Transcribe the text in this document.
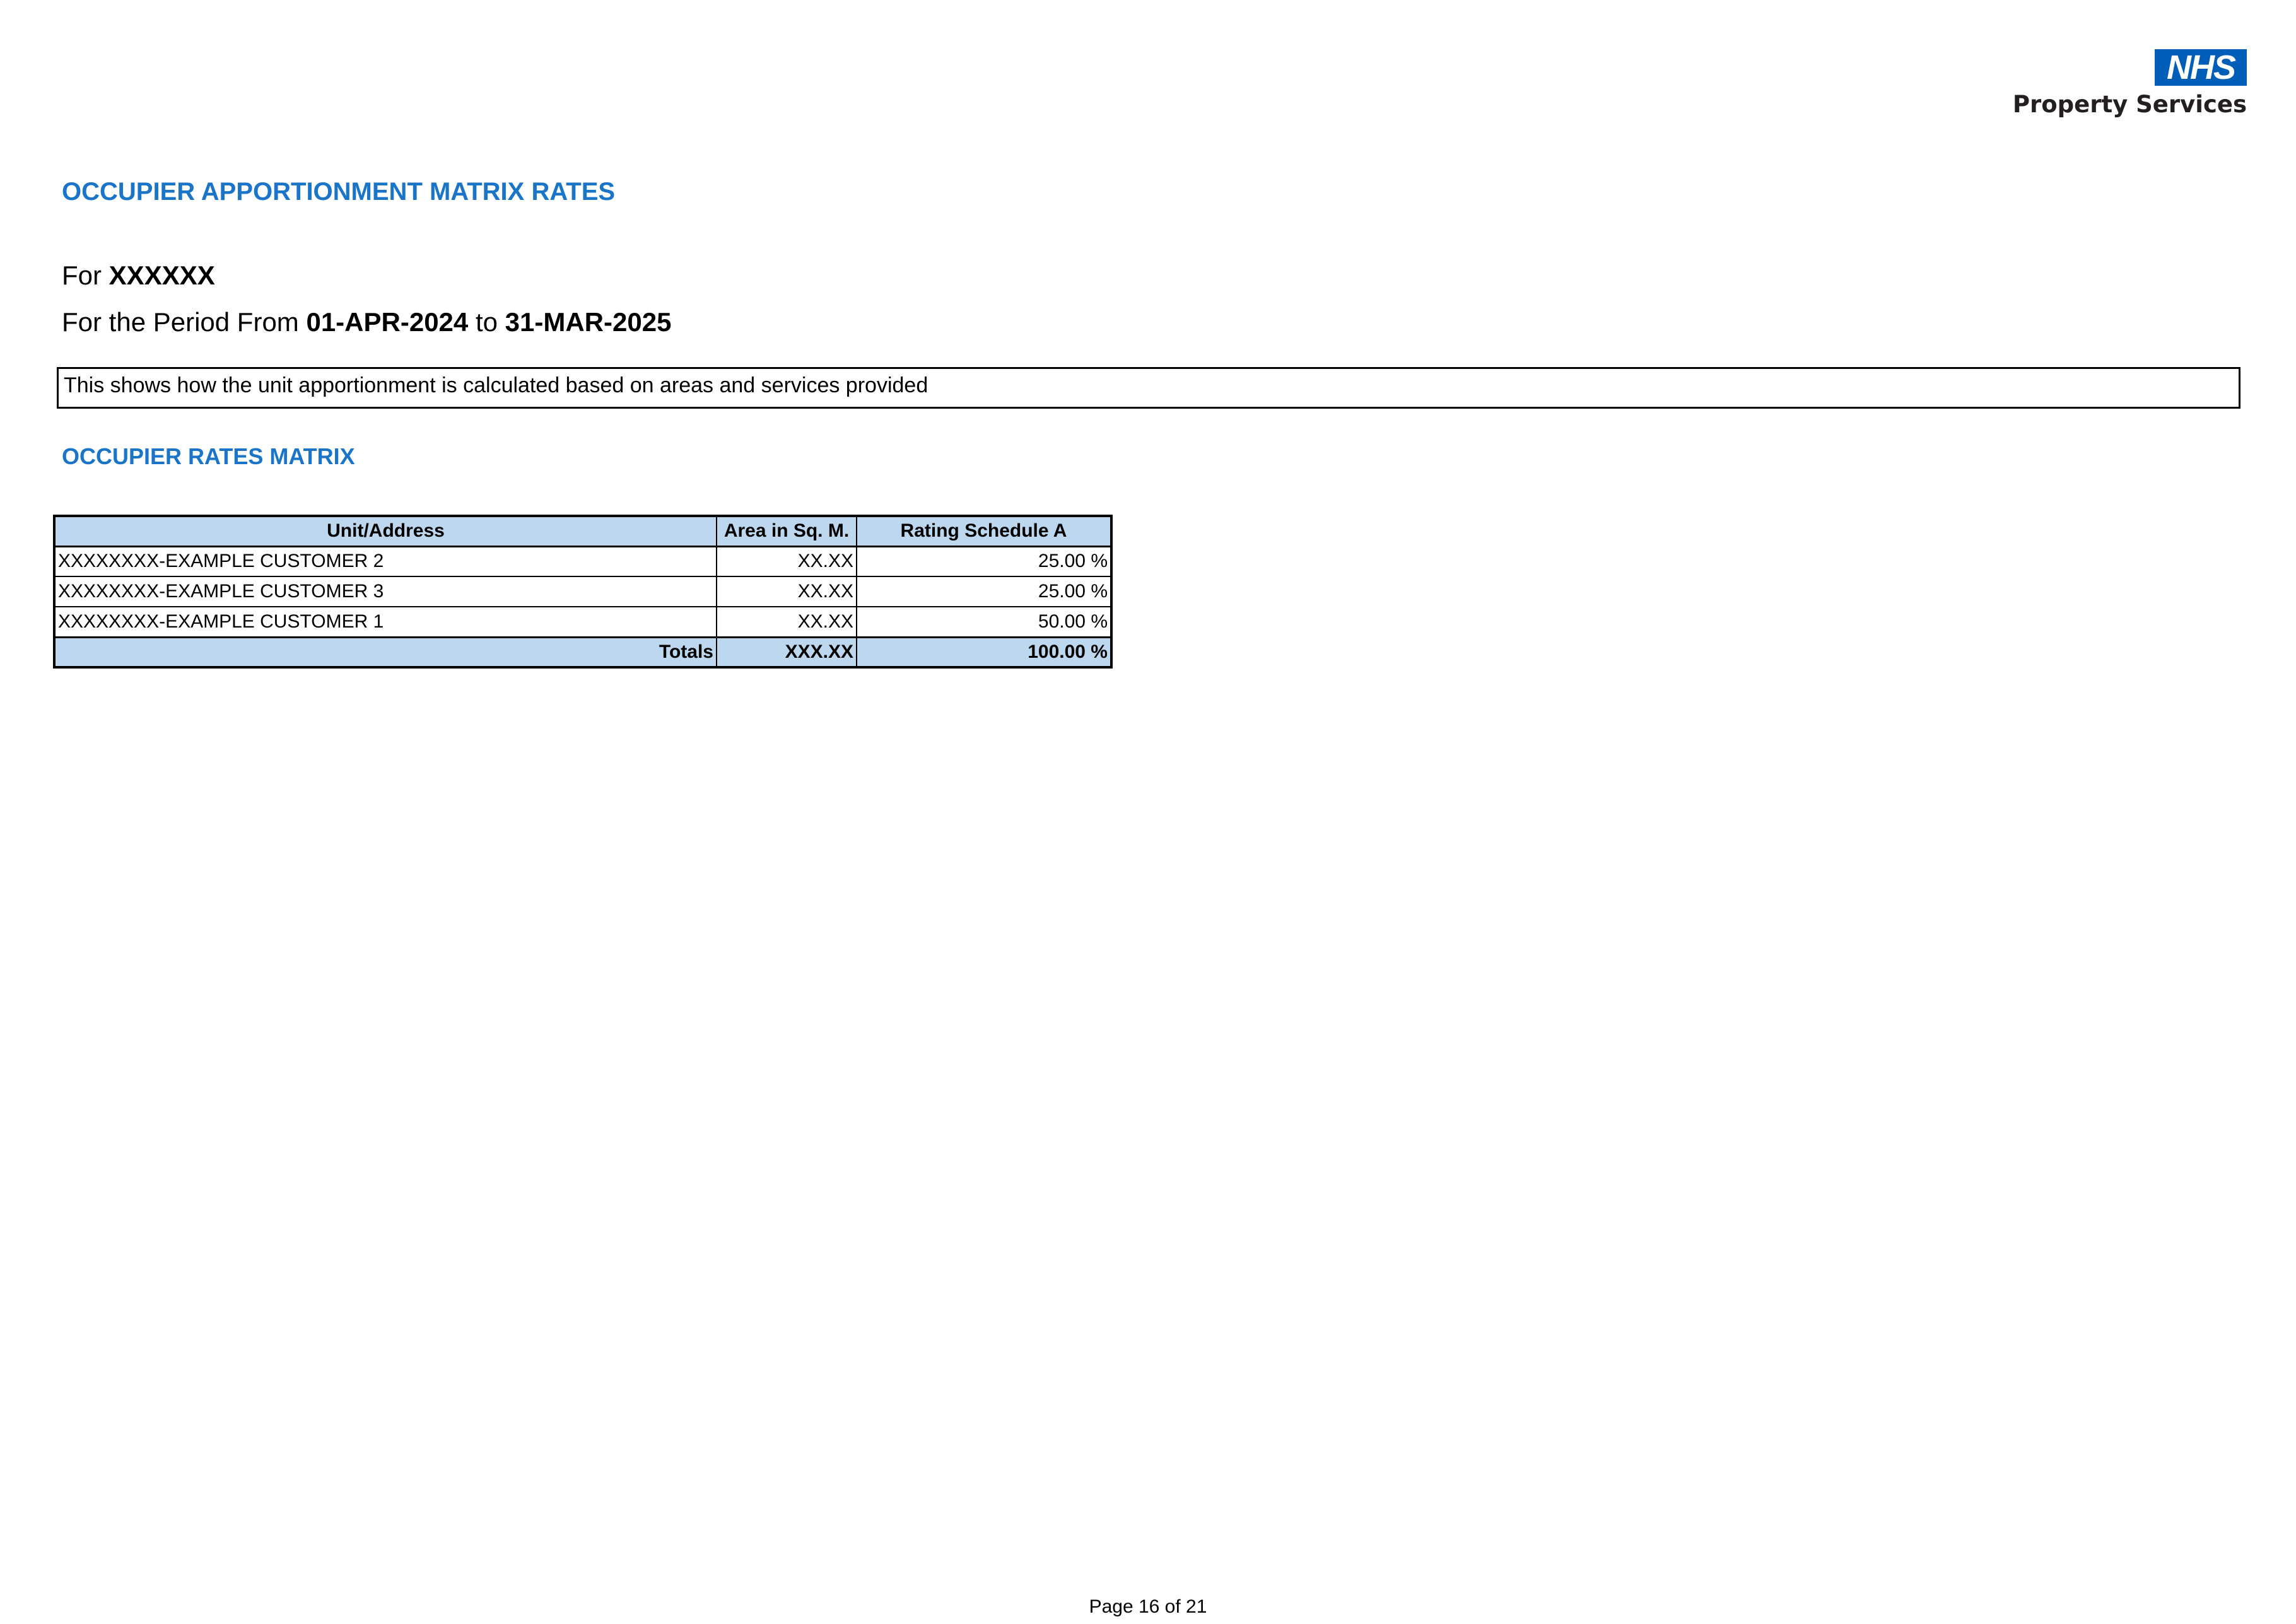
NHS
Property Services
OCCUPIER APPORTIONMENT MATRIX RATES
For XXXXXX
For the Period From 01-APR-2024 to 31-MAR-2025
This shows how the unit apportionment is calculated based on areas and services provided
OCCUPIER RATES MATRIX
Unit/Address	Area in Sq. M.	Rating Schedule A
XXXXXXXX-EXAMPLE CUSTOMER 2	XX.XX	25.00 %
XXXXXXXX-EXAMPLE CUSTOMER 3	XX.XX	25.00 %
XXXXXXXX-EXAMPLE CUSTOMER 1	XX.XX	50.00 %
Totals	XXX.XX	100.00 %
Page 16 of 21
